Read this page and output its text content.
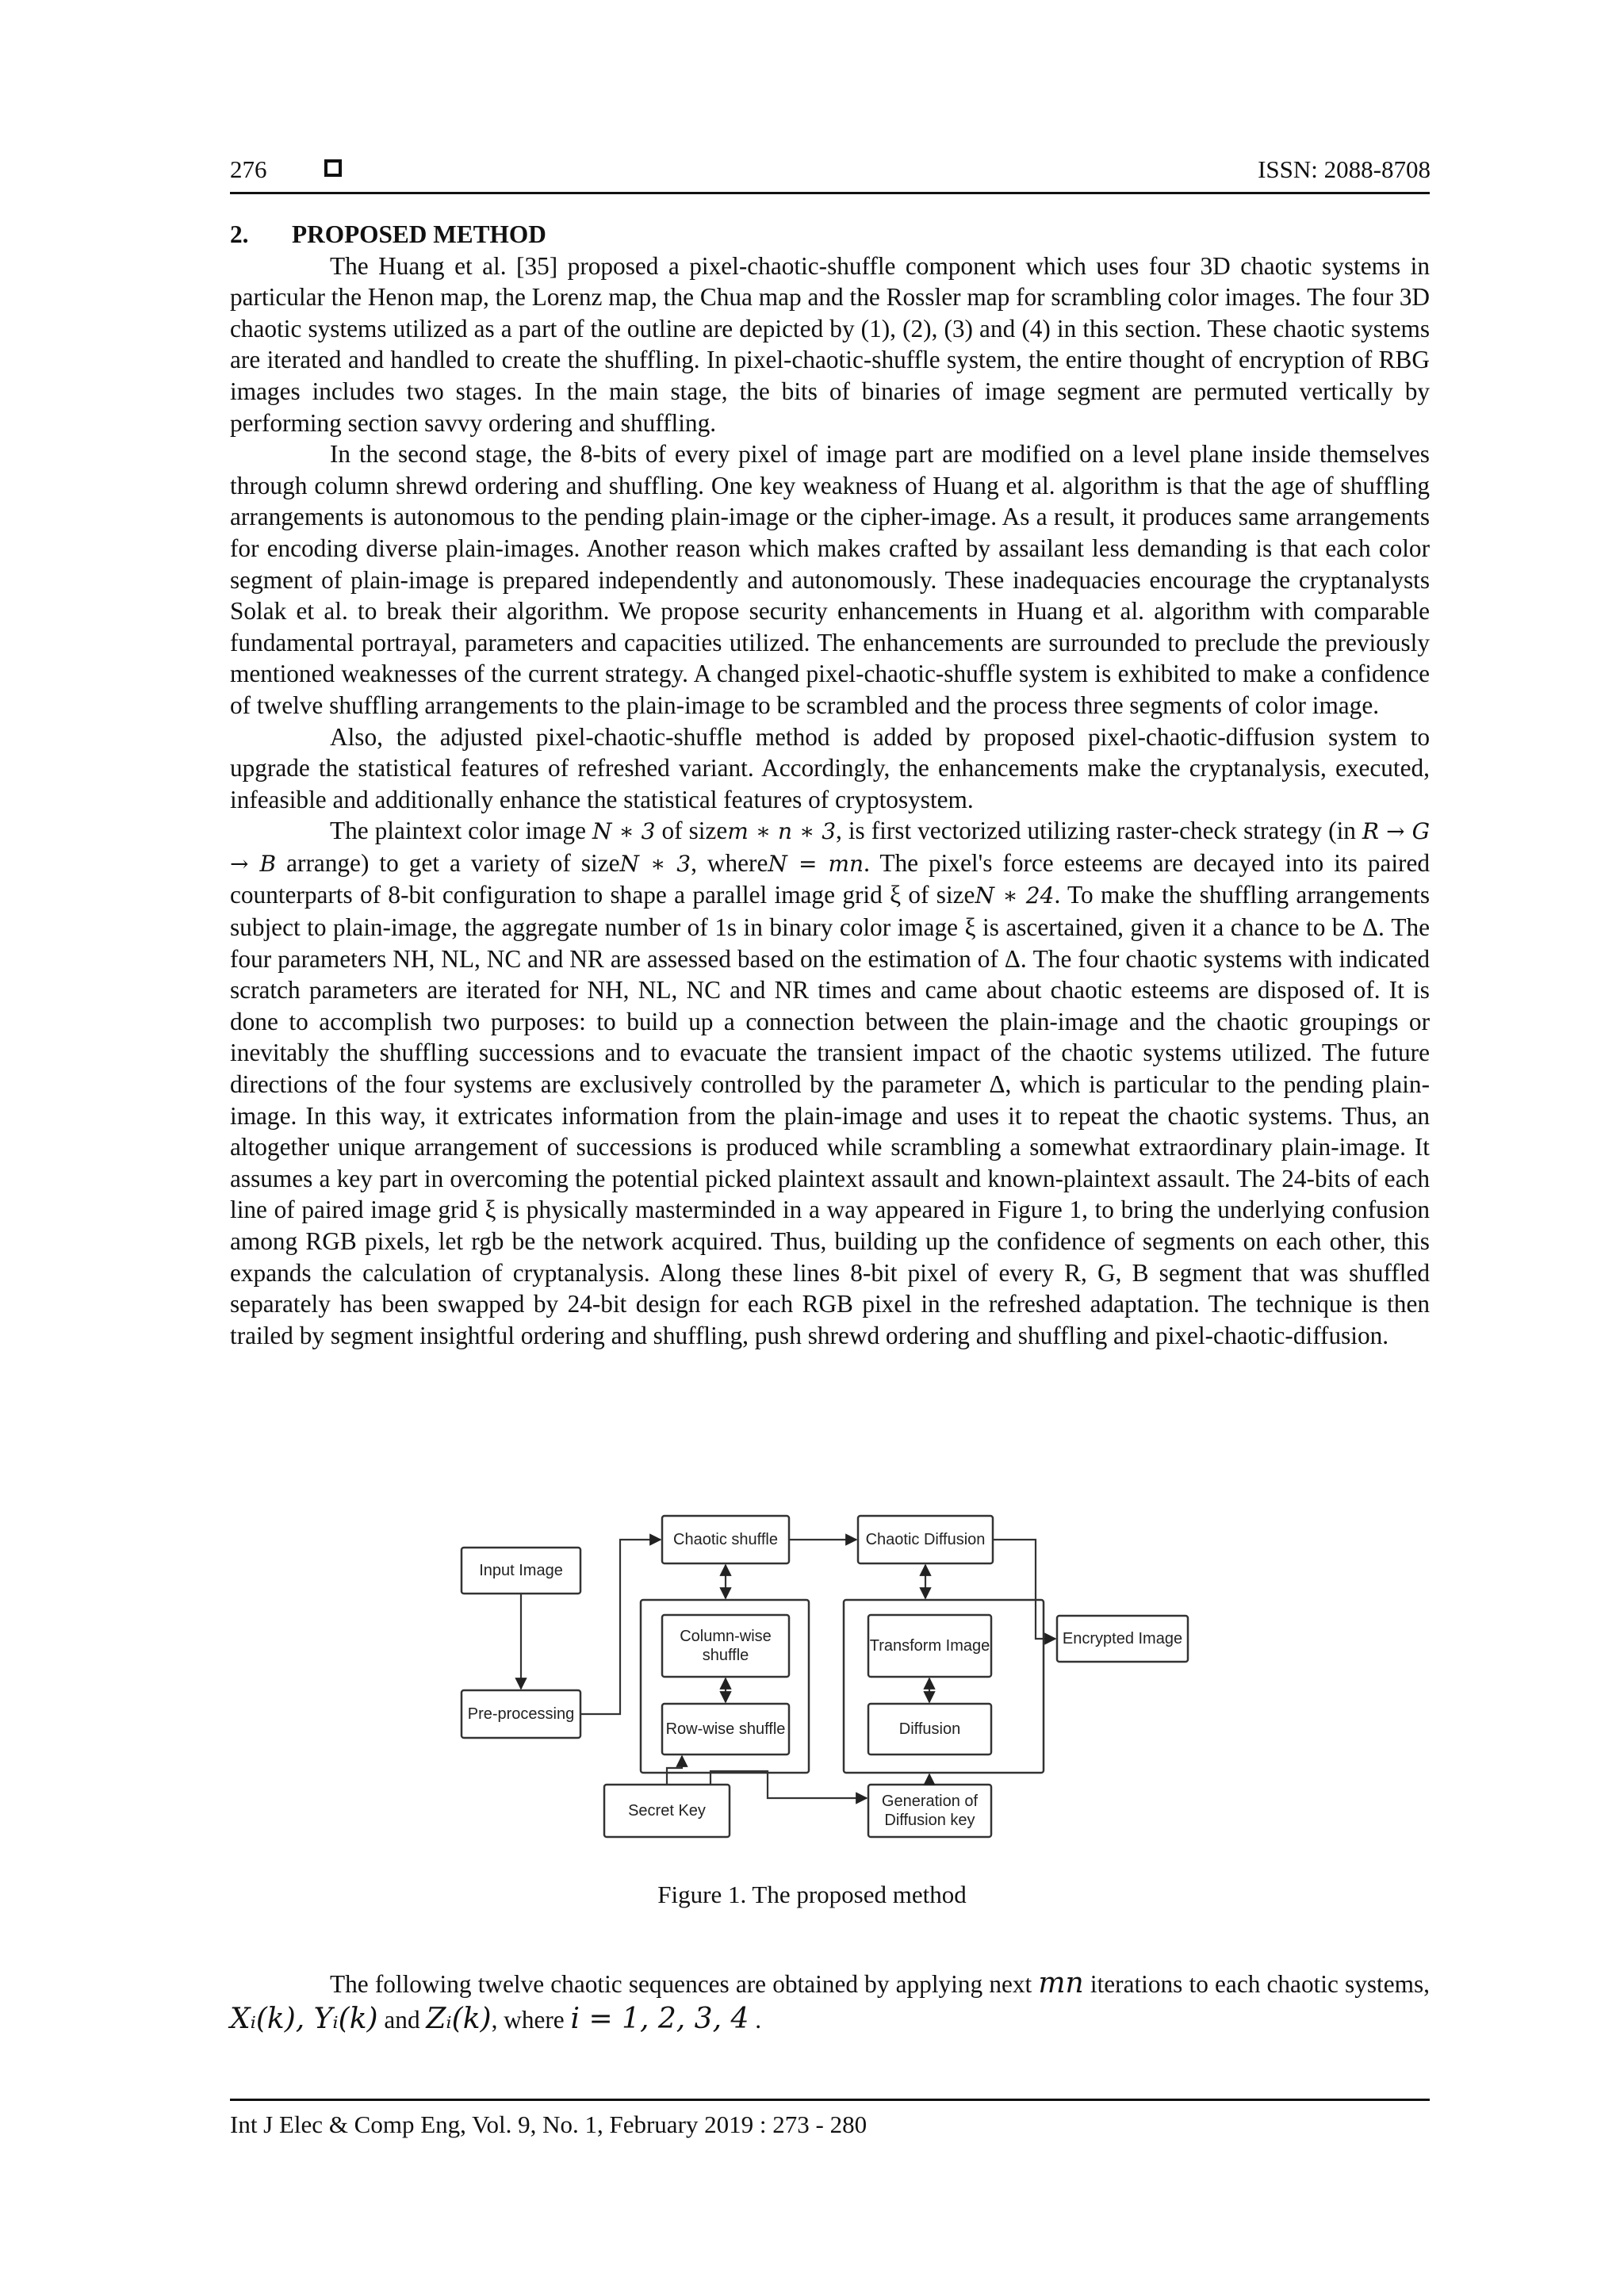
276	ISSN: 2088-8708
2. PROPOSED METHOD

The Huang et al. [35] proposed a pixel-chaotic-shuffle component which uses four 3D chaotic systems in particular the Henon map, the Lorenz map, the Chua map and the Rossler map for scrambling color images. The four 3D chaotic systems utilized as a part of the outline are depicted by (1), (2), (3) and (4) in this section. These chaotic systems are iterated and handled to create the shuffling. In pixel-chaotic-shuffle system, the entire thought of encryption of RBG images includes two stages. In the main stage, the bits of binaries of image segment are permuted vertically by performing section savvy ordering and shuffling.

In the second stage, the 8-bits of every pixel of image part are modified on a level plane inside themselves through column shrewd ordering and shuffling. One key weakness of Huang et al. algorithm is that the age of shuffling arrangements is autonomous to the pending plain-image or the cipher-image. As a result, it produces same arrangements for encoding diverse plain-images. Another reason which makes crafted by assailant less demanding is that each color segment of plain-image is prepared independently and autonomously. These inadequacies encourage the cryptanalysts Solak et al. to break their algorithm. We propose security enhancements in Huang et al. algorithm with comparable fundamental portrayal, parameters and capacities utilized. The enhancements are surrounded to preclude the previously mentioned weaknesses of the current strategy. A changed pixel-chaotic-shuffle system is exhibited to make a confidence of twelve shuffling arrangements to the plain-image to be scrambled and the process three segments of color image.

Also, the adjusted pixel-chaotic-shuffle method is added by proposed pixel-chaotic-diffusion system to upgrade the statistical features of refreshed variant. Accordingly, the enhancements make the cryptanalysis, executed, infeasible and additionally enhance the statistical features of cryptosystem.

The plaintext color image N ∗ 3 of sizem ∗ n ∗ 3, is first vectorized utilizing raster-check strategy (in R → G → B arrange) to get a variety of sizeN ∗ 3, whereN = mn. The pixel's force esteems are decayed into its paired counterparts of 8-bit configuration to shape a parallel image grid ξ of sizeN ∗ 24. To make the shuffling arrangements subject to plain-image, the aggregate number of 1s in binary color image ξ is ascertained, given it a chance to be Δ. The four parameters NH, NL, NC and NR are assessed based on the estimation of Δ. The four chaotic systems with indicated scratch parameters are iterated for NH, NL, NC and NR times and came about chaotic esteems are disposed of. It is done to accomplish two purposes: to build up a connection between the plain-image and the chaotic groupings or inevitably the shuffling successions and to evacuate the transient impact of the chaotic systems utilized. The future directions of the four systems are exclusively controlled by the parameter Δ, which is particular to the pending plain-image. In this way, it extricates information from the plain-image and uses it to repeat the chaotic systems. Thus, an altogether unique arrangement of successions is produced while scrambling a somewhat extraordinary plain-image. It assumes a key part in overcoming the potential picked plaintext assault and known-plaintext assault. The 24-bits of each line of paired image grid ξ is physically masterminded in a way appeared in Figure 1, to bring the underlying confusion among RGB pixels, let rgb be the network acquired. Thus, building up the confidence of segments on each other, this expands the calculation of cryptanalysis. Along these lines 8-bit pixel of every R, G, B segment that was shuffled separately has been swapped by 24-bit design for each RGB pixel in the refreshed adaptation. The technique is then trailed by segment insightful ordering and shuffling, push shrewd ordering and shuffling and pixel-chaotic-diffusion.

Input Image
Pre-processing
Chaotic shuffle	Chaotic Diffusion
Column-wise shuffle
Row-wise shuffle
Transform Image
Diffusion
Encrypted Image
Secret Key
Generation of Diffusion key
Figure 1. The proposed method
The following twelve chaotic sequences are obtained by applying next mn iterations to each chaotic systems, Xᵢ(k), Yᵢ(k) and Zᵢ(k), where i = 1, 2, 3, 4 .
Int J Elec & Comp Eng, Vol. 9, No. 1, February 2019 : 273 - 280
